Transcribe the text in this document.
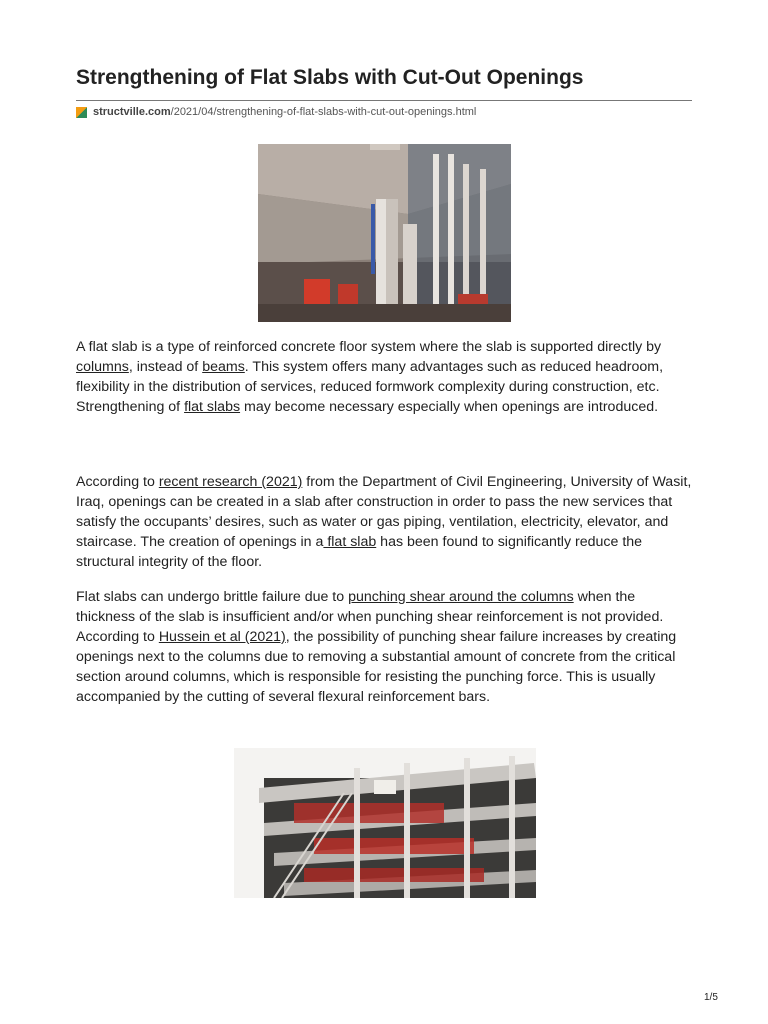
Strengthening of Flat Slabs with Cut-Out Openings
structville.com /2021/04/strengthening-of-flat-slabs-with-cut-out-openings.html

A flat slab is a type of reinforced concrete floor system where the slab is supported directly by columns, instead of beams. This system offers many advantages such as reduced headroom, flexibility in the distribution of services, reduced formwork complexity during construction, etc. Strengthening of flat slabs may become necessary especially when openings are introduced.

According to recent research (2021) from the Department of Civil Engineering, University of Wasit, Iraq, openings can be created in a slab after construction in order to pass the new services that satisfy the occupants’ desires, such as water or gas piping, ventilation, electricity, elevator, and staircase. The creation of openings in a flat slab has been found to significantly reduce the structural integrity of the floor.

Flat slabs can undergo brittle failure due to punching shear around the columns when the thickness of the slab is insufficient and/or when punching shear reinforcement is not provided. According to Hussein et al (2021), the possibility of punching shear failure increases by creating openings next to the columns due to removing a substantial amount of concrete from the critical section around columns, which is responsible for resisting the punching force. This is usually accompanied by the cutting of several flexural reinforcement bars.

1/5
